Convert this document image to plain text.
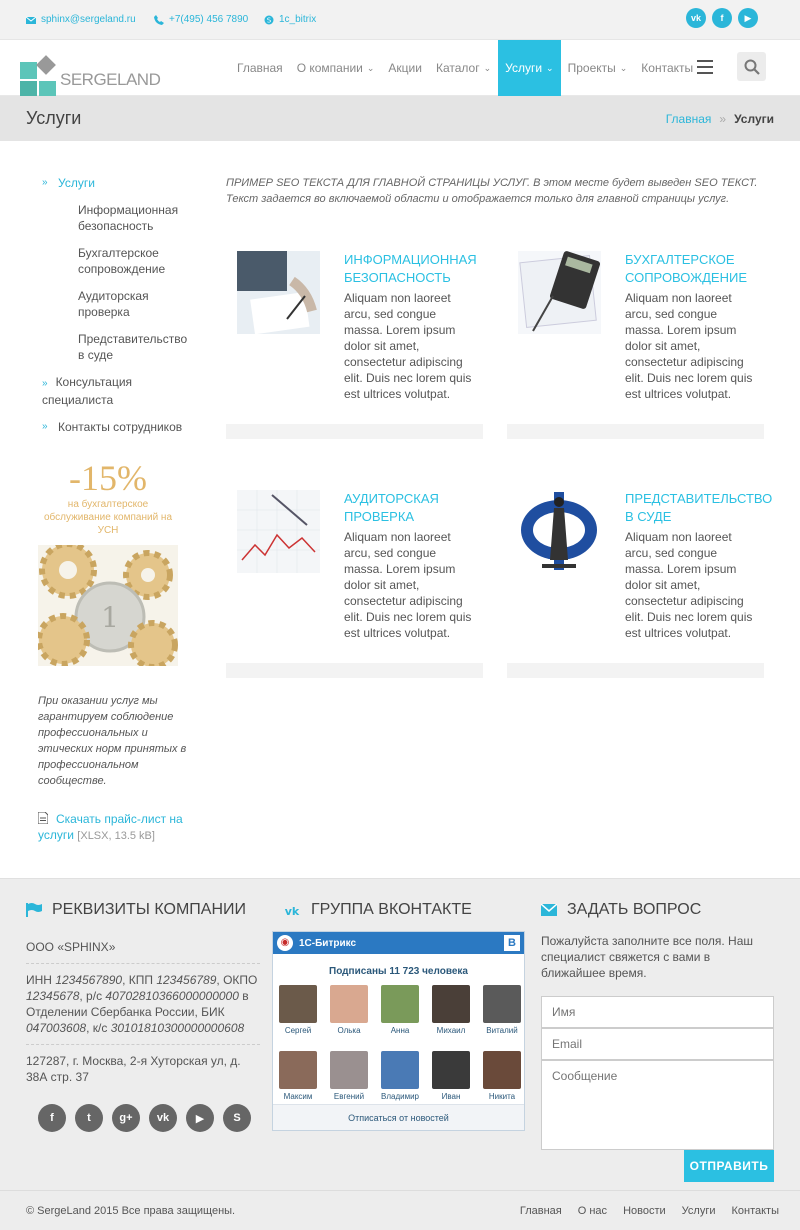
sphinx@sergeland.ru	+7(495) 456 7890	S 1c_bitrix	vk	f	▶
SERGELAND
Главная О компании ⌄ Акции Каталог ⌄ Услуги ⌄ Проекты ⌄ Контакты
Услуги	Главная » Услуги
» Услуги
Информационная безопасность
Бухгалтерское сопровождение
Аудиторская проверка
Представительство в суде
» Консультация специалиста
» Контакты сотрудников
-15%
на бухгалтерское обслуживание компаний на УСН
1
При оказании услуг мы гарантируем соблюдение профессиональных и этических норм принятых в профессиональном сообществе.
Скачать прайс-лист на услуги [XLSX, 13.5 kB]
ПРИМЕР SEO ТЕКСТА ДЛЯ ГЛАВНОЙ СТРАНИЦЫ УСЛУГ. В этом месте будет выведен SEO ТЕКСТ. Текст задается во включаемой области и отображается только для главной страницы услуг.
ИНФОРМАЦИОННАЯ БЕЗОПАСНОСТЬ
Aliquam non laoreet arcu, sed congue massa. Lorem ipsum dolor sit amet, consectetur adipiscing elit. Duis nec lorem quis est ultrices volutpat.
БУХГАЛТЕРСКОЕ СОПРОВОЖДЕНИЕ
Aliquam non laoreet arcu, sed congue massa. Lorem ipsum dolor sit amet, consectetur adipiscing elit. Duis nec lorem quis est ultrices volutpat.
АУДИТОРСКАЯ ПРОВЕРКА
Aliquam non laoreet arcu, sed congue massa. Lorem ipsum dolor sit amet, consectetur adipiscing elit. Duis nec lorem quis est ultrices volutpat.
ПРЕДСТАВИТЕЛЬСТВО В СУДЕ
Aliquam non laoreet arcu, sed congue massa. Lorem ipsum dolor sit amet, consectetur adipiscing elit. Duis nec lorem quis est ultrices volutpat.
РЕКВИЗИТЫ КОМПАНИИ
ООО «SPHINX»
ИНН 1234567890, КПП 123456789, ОКПО 12345678, р/с 40702810366000000000 в Отделении Сбербанка России, БИК 047003608, к/с 30101810300000000608
127287, г. Москва, 2-я Хуторская ул, д. 38А стр. 37
f	t	g+	vk	▶	S
vk ГРУППА ВКОНТАКТЕ
◉ 1С-Битрикс	B
Подписаны 11 723 человека
Сергей	Олька	Анна	Михаил	Виталий
Максим	Евгений	Владимир	Иван	Никита
Отписаться от новостей
ЗАДАТЬ ВОПРОС
Пожалуйста заполните все поля. Наш специалист свяжется с вами в ближайшее время.
Имя
Email
Сообщение
ОТПРАВИТЬ
© SergeLand 2015 Все права защищены.	Главная О нас Новости Услуги Контакты
